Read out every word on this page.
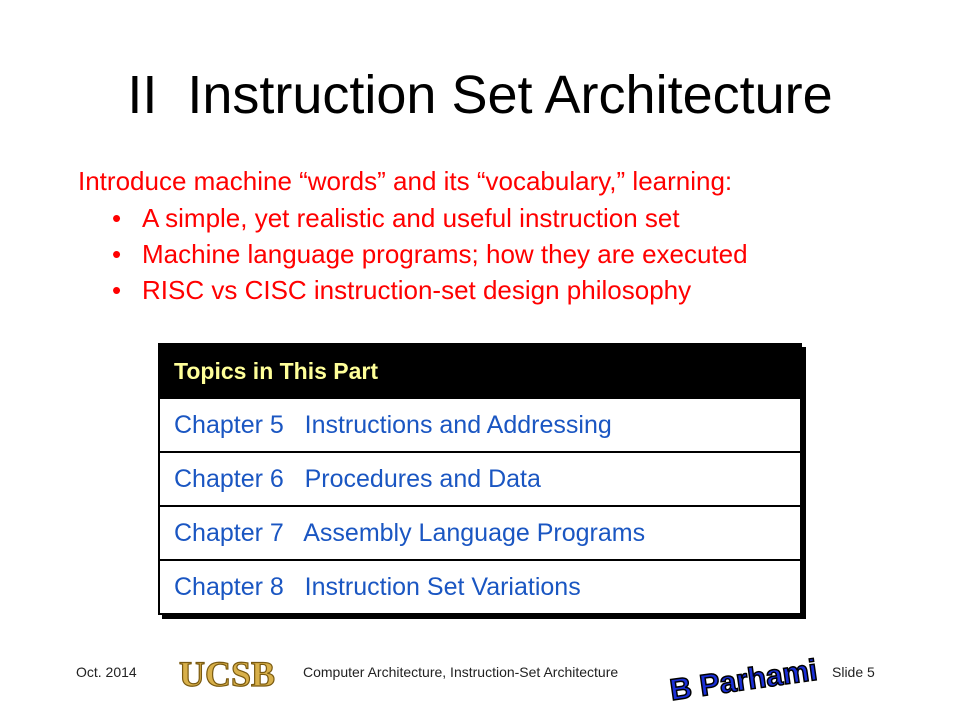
II  Instruction Set Architecture
Introduce machine “words” and its “vocabulary,” learning:
• A simple, yet realistic and useful instruction set
• Machine language programs; how they are executed
• RISC vs CISC instruction-set design philosophy
Topics in This Part
Chapter 5   Instructions and Addressing
Chapter 6   Procedures and Data
Chapter 7   Assembly Language Programs
Chapter 8   Instruction Set Variations
Oct. 2014 UCSB Computer Architecture, Instruction-Set Architecture B Parhami Slide 5
